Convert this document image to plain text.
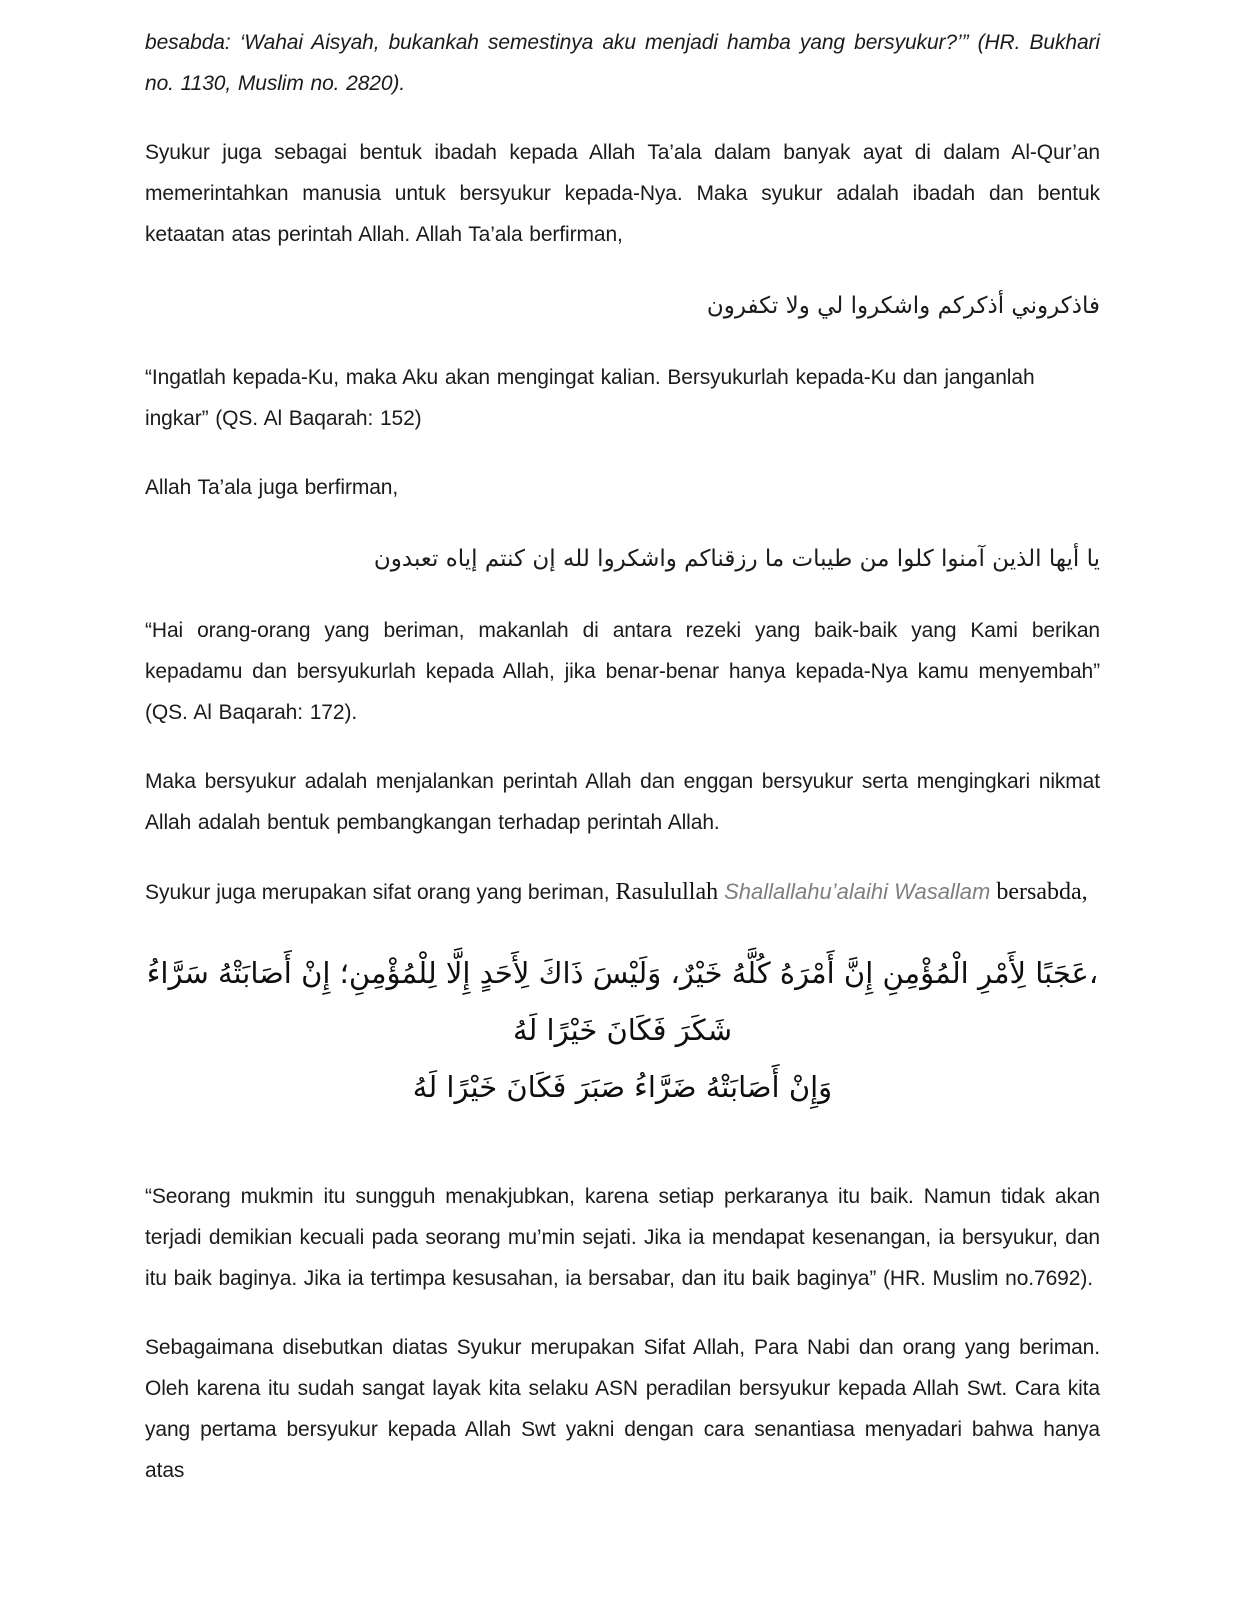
besabda: ‘Wahai Aisyah, bukankah semestinya aku menjadi hamba yang bersyukur?’” (HR. Bukhari no. 1130, Muslim no. 2820).

Syukur juga sebagai bentuk ibadah kepada Allah Ta’ala dalam banyak ayat di dalam Al-Qur’an memerintahkan manusia untuk bersyukur kepada-Nya. Maka syukur adalah ibadah dan bentuk ketaatan atas perintah Allah. Allah Ta’ala berfirman,

فاذكروني أذكركم واشكروا لي ولا تكفرون

“Ingatlah kepada-Ku, maka Aku akan mengingat kalian. Bersyukurlah kepada-Ku dan janganlah ingkar” (QS. Al Baqarah: 152)

Allah Ta’ala juga berfirman,

يا أيها الذين آمنوا كلوا من طيبات ما رزقناكم واشكروا لله إن كنتم إياه تعبدون

“Hai orang-orang yang beriman, makanlah di antara rezeki yang baik-baik yang Kami berikan kepadamu dan bersyukurlah kepada Allah, jika benar-benar hanya kepada-Nya kamu menyembah” (QS. Al Baqarah: 172).

Maka bersyukur adalah menjalankan perintah Allah dan enggan bersyukur serta mengingkari nikmat Allah adalah bentuk pembangkangan terhadap perintah Allah.

Syukur juga merupakan sifat orang yang beriman, Rasulullah Shallallahu’alaihi Wasallam bersabda,

،عَجَبًا لِأَمْرِ الْمُؤْمِنِ إِنَّ أَمْرَهُ كُلَّهُ خَيْرٌ، وَلَيْسَ ذَاكَ لِأَحَدٍ إِلَّا لِلْمُؤْمِنِ؛ إِنْ أَصَابَتْهُ سَرَّاءُ شَكَرَ فَكَانَ خَيْرًا لَهُ
وَإِنْ أَصَابَتْهُ ضَرَّاءُ صَبَرَ فَكَانَ خَيْرًا لَهُ

“Seorang mukmin itu sungguh menakjubkan, karena setiap perkaranya itu baik. Namun tidak akan terjadi demikian kecuali pada seorang mu’min sejati. Jika ia mendapat kesenangan, ia bersyukur, dan itu baik baginya. Jika ia tertimpa kesusahan, ia bersabar, dan itu baik baginya” (HR. Muslim no.7692).

Sebagaimana disebutkan diatas Syukur merupakan Sifat Allah, Para Nabi dan orang yang beriman. Oleh karena itu sudah sangat layak kita selaku ASN peradilan bersyukur kepada Allah Swt. Cara kita yang pertama bersyukur kepada Allah Swt yakni dengan cara senantiasa menyadari bahwa hanya atas
